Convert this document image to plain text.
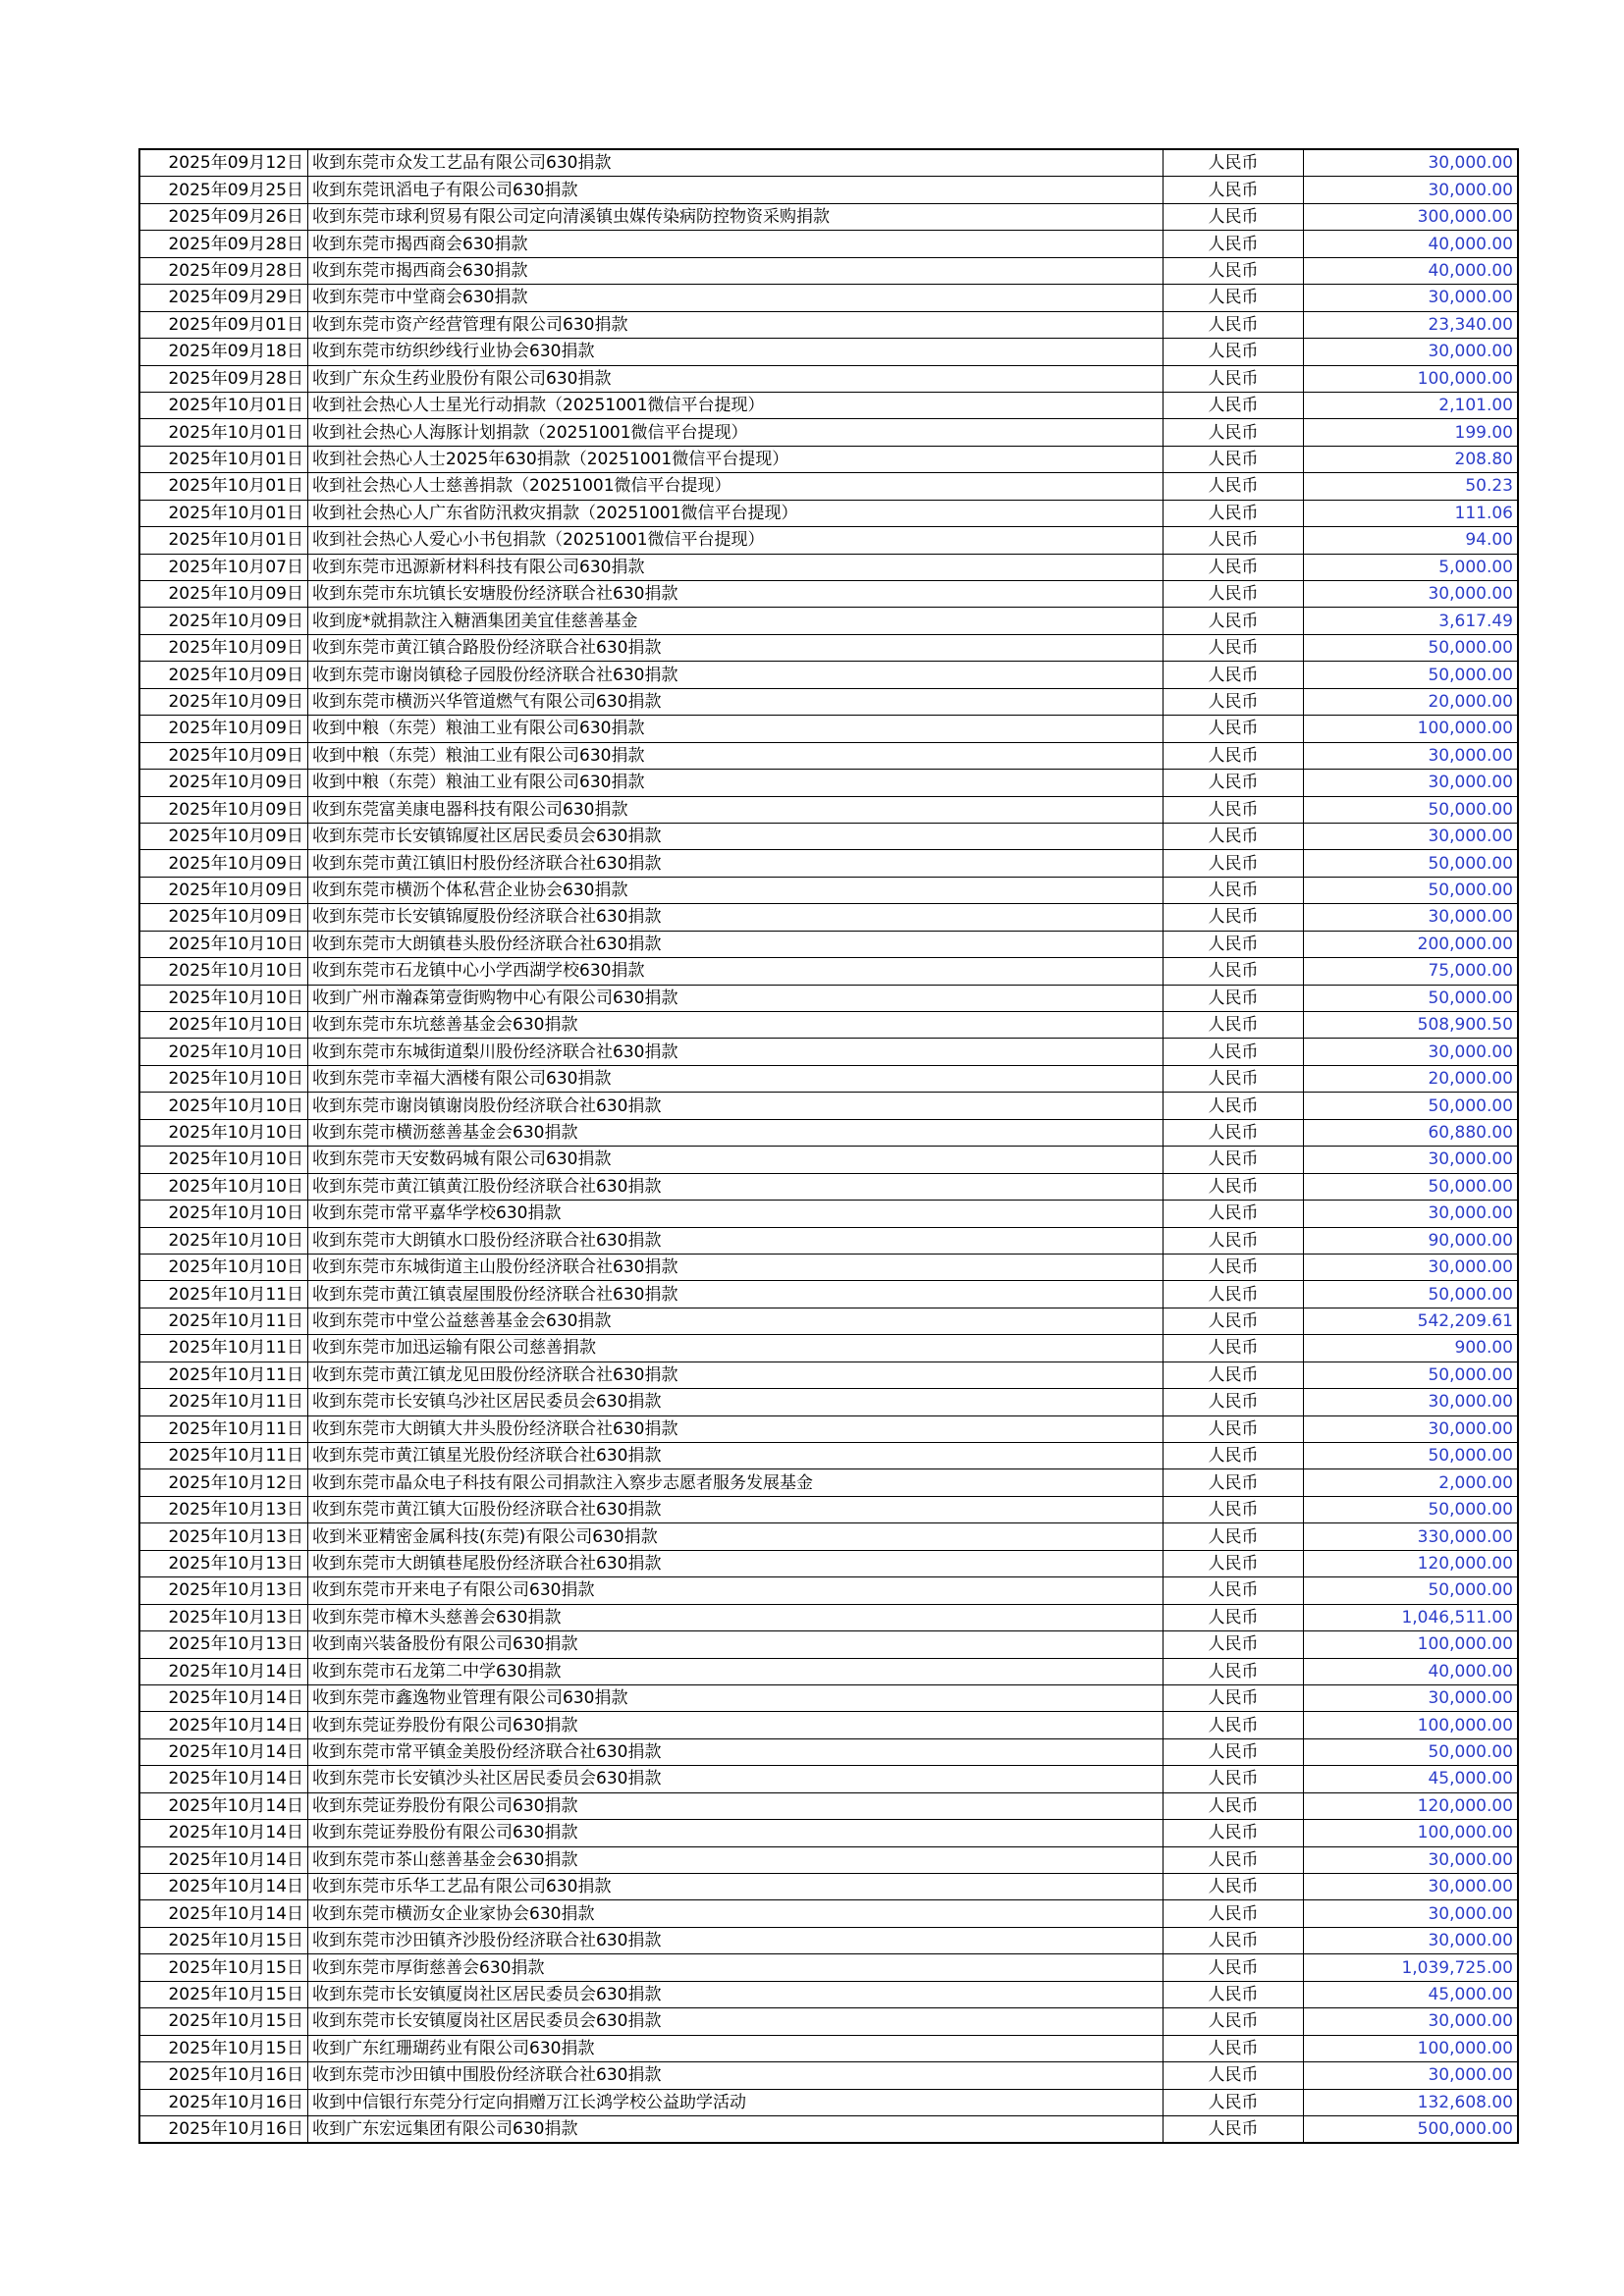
2025年09月12日	收到东莞市众发工艺品有限公司630捐款	人民币	30,000.00
2025年09月25日	收到东莞讯滔电子有限公司630捐款	人民币	30,000.00
2025年09月26日	收到东莞市球利贸易有限公司定向清溪镇虫媒传染病防控物资采购捐款	人民币	300,000.00
2025年09月28日	收到东莞市揭西商会630捐款	人民币	40,000.00
2025年09月28日	收到东莞市揭西商会630捐款	人民币	40,000.00
2025年09月29日	收到东莞市中堂商会630捐款	人民币	30,000.00
2025年09月01日	收到东莞市资产经营管理有限公司630捐款	人民币	23,340.00
2025年09月18日	收到东莞市纺织纱线行业协会630捐款	人民币	30,000.00
2025年09月28日	收到广东众生药业股份有限公司630捐款	人民币	100,000.00
2025年10月01日	收到社会热心人士星光行动捐款（20251001微信平台提现）	人民币	2,101.00
2025年10月01日	收到社会热心人海豚计划捐款（20251001微信平台提现）	人民币	199.00
2025年10月01日	收到社会热心人士2025年630捐款（20251001微信平台提现）	人民币	208.80
2025年10月01日	收到社会热心人士慈善捐款（20251001微信平台提现）	人民币	50.23
2025年10月01日	收到社会热心人广东省防汛救灾捐款（20251001微信平台提现）	人民币	111.06
2025年10月01日	收到社会热心人爱心小书包捐款（20251001微信平台提现）	人民币	94.00
2025年10月07日	收到东莞市迅源新材料科技有限公司630捐款	人民币	5,000.00
2025年10月09日	收到东莞市东坑镇长安塘股份经济联合社630捐款	人民币	30,000.00
2025年10月09日	收到庞*就捐款注入糖酒集团美宜佳慈善基金	人民币	3,617.49
2025年10月09日	收到东莞市黄江镇合路股份经济联合社630捐款	人民币	50,000.00
2025年10月09日	收到东莞市谢岗镇稔子园股份经济联合社630捐款	人民币	50,000.00
2025年10月09日	收到东莞市横沥兴华管道燃气有限公司630捐款	人民币	20,000.00
2025年10月09日	收到中粮（东莞）粮油工业有限公司630捐款	人民币	100,000.00
2025年10月09日	收到中粮（东莞）粮油工业有限公司630捐款	人民币	30,000.00
2025年10月09日	收到中粮（东莞）粮油工业有限公司630捐款	人民币	30,000.00
2025年10月09日	收到东莞富美康电器科技有限公司630捐款	人民币	50,000.00
2025年10月09日	收到东莞市长安镇锦厦社区居民委员会630捐款	人民币	30,000.00
2025年10月09日	收到东莞市黄江镇旧村股份经济联合社630捐款	人民币	50,000.00
2025年10月09日	收到东莞市横沥个体私营企业协会630捐款	人民币	50,000.00
2025年10月09日	收到东莞市长安镇锦厦股份经济联合社630捐款	人民币	30,000.00
2025年10月10日	收到东莞市大朗镇巷头股份经济联合社630捐款	人民币	200,000.00
2025年10月10日	收到东莞市石龙镇中心小学西湖学校630捐款	人民币	75,000.00
2025年10月10日	收到广州市瀚森第壹街购物中心有限公司630捐款	人民币	50,000.00
2025年10月10日	收到东莞市东坑慈善基金会630捐款	人民币	508,900.50
2025年10月10日	收到东莞市东城街道梨川股份经济联合社630捐款	人民币	30,000.00
2025年10月10日	收到东莞市幸福大酒楼有限公司630捐款	人民币	20,000.00
2025年10月10日	收到东莞市谢岗镇谢岗股份经济联合社630捐款	人民币	50,000.00
2025年10月10日	收到东莞市横沥慈善基金会630捐款	人民币	60,880.00
2025年10月10日	收到东莞市天安数码城有限公司630捐款	人民币	30,000.00
2025年10月10日	收到东莞市黄江镇黄江股份经济联合社630捐款	人民币	50,000.00
2025年10月10日	收到东莞市常平嘉华学校630捐款	人民币	30,000.00
2025年10月10日	收到东莞市大朗镇水口股份经济联合社630捐款	人民币	90,000.00
2025年10月10日	收到东莞市东城街道主山股份经济联合社630捐款	人民币	30,000.00
2025年10月11日	收到东莞市黄江镇袁屋围股份经济联合社630捐款	人民币	50,000.00
2025年10月11日	收到东莞市中堂公益慈善基金会630捐款	人民币	542,209.61
2025年10月11日	收到东莞市加迅运输有限公司慈善捐款	人民币	900.00
2025年10月11日	收到东莞市黄江镇龙见田股份经济联合社630捐款	人民币	50,000.00
2025年10月11日	收到东莞市长安镇乌沙社区居民委员会630捐款	人民币	30,000.00
2025年10月11日	收到东莞市大朗镇大井头股份经济联合社630捐款	人民币	30,000.00
2025年10月11日	收到东莞市黄江镇星光股份经济联合社630捐款	人民币	50,000.00
2025年10月12日	收到东莞市晶众电子科技有限公司捐款注入察步志愿者服务发展基金	人民币	2,000.00
2025年10月13日	收到东莞市黄江镇大冚股份经济联合社630捐款	人民币	50,000.00
2025年10月13日	收到米亚精密金属科技(东莞)有限公司630捐款	人民币	330,000.00
2025年10月13日	收到东莞市大朗镇巷尾股份经济联合社630捐款	人民币	120,000.00
2025年10月13日	收到东莞市开来电子有限公司630捐款	人民币	50,000.00
2025年10月13日	收到东莞市樟木头慈善会630捐款	人民币	1,046,511.00
2025年10月13日	收到南兴装备股份有限公司630捐款	人民币	100,000.00
2025年10月14日	收到东莞市石龙第二中学630捐款	人民币	40,000.00
2025年10月14日	收到东莞市鑫逸物业管理有限公司630捐款	人民币	30,000.00
2025年10月14日	收到东莞证券股份有限公司630捐款	人民币	100,000.00
2025年10月14日	收到东莞市常平镇金美股份经济联合社630捐款	人民币	50,000.00
2025年10月14日	收到东莞市长安镇沙头社区居民委员会630捐款	人民币	45,000.00
2025年10月14日	收到东莞证券股份有限公司630捐款	人民币	120,000.00
2025年10月14日	收到东莞证券股份有限公司630捐款	人民币	100,000.00
2025年10月14日	收到东莞市茶山慈善基金会630捐款	人民币	30,000.00
2025年10月14日	收到东莞市乐华工艺品有限公司630捐款	人民币	30,000.00
2025年10月14日	收到东莞市横沥女企业家协会630捐款	人民币	30,000.00
2025年10月15日	收到东莞市沙田镇齐沙股份经济联合社630捐款	人民币	30,000.00
2025年10月15日	收到东莞市厚街慈善会630捐款	人民币	1,039,725.00
2025年10月15日	收到东莞市长安镇厦岗社区居民委员会630捐款	人民币	45,000.00
2025年10月15日	收到东莞市长安镇厦岗社区居民委员会630捐款	人民币	30,000.00
2025年10月15日	收到广东红珊瑚药业有限公司630捐款	人民币	100,000.00
2025年10月16日	收到东莞市沙田镇中围股份经济联合社630捐款	人民币	30,000.00
2025年10月16日	收到中信银行东莞分行定向捐赠万江长鸿学校公益助学活动	人民币	132,608.00
2025年10月16日	收到广东宏远集团有限公司630捐款	人民币	500,000.00
